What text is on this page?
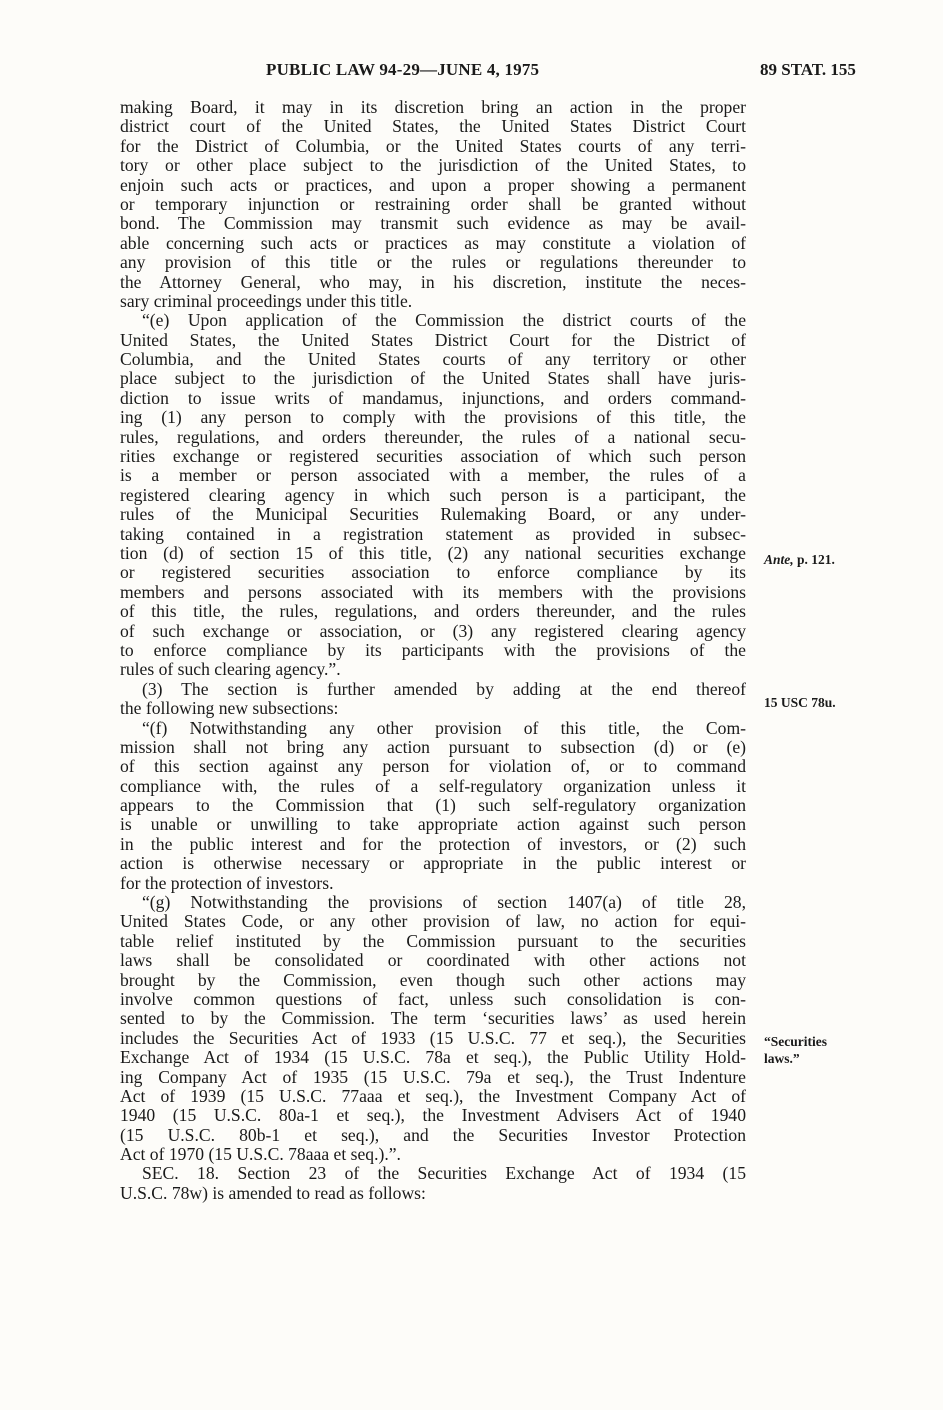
PUBLIC LAW 94-29—JUNE 4, 1975	89 STAT. 155
making Board, it may in its discretion bring an action in the proper
district court of the United States, the United States District Court
for the District of Columbia, or the United States courts of any terri-
tory or other place subject to the jurisdiction of the United States, to
enjoin such acts or practices, and upon a proper showing a permanent
or temporary injunction or restraining order shall be granted without
bond. The Commission may transmit such evidence as may be avail-
able concerning such acts or practices as may constitute a violation of
any provision of this title or the rules or regulations thereunder to
the Attorney General, who may, in his discretion, institute the neces-
sary criminal proceedings under this title.
“(e) Upon application of the Commission the district courts of the
United States, the United States District Court for the District of
Columbia, and the United States courts of any territory or other
place subject to the jurisdiction of the United States shall have juris-
diction to issue writs of mandamus, injunctions, and orders command-
ing (1) any person to comply with the provisions of this title, the
rules, regulations, and orders thereunder, the rules of a national secu-
rities exchange or registered securities association of which such person
is a member or person associated with a member, the rules of a
registered clearing agency in which such person is a participant, the
rules of the Municipal Securities Rulemaking Board, or any under-
taking contained in a registration statement as provided in subsec-
tion (d) of section 15 of this title, (2) any national securities exchange
or registered securities association to enforce compliance by its
members and persons associated with its members with the provisions
of this title, the rules, regulations, and orders thereunder, and the rules
of such exchange or association, or (3) any registered clearing agency
to enforce compliance by its participants with the provisions of the
rules of such clearing agency.”.
(3) The section is further amended by adding at the end thereof
the following new subsections:
“(f) Notwithstanding any other provision of this title, the Com-
mission shall not bring any action pursuant to subsection (d) or (e)
of this section against any person for violation of, or to command
compliance with, the rules of a self-regulatory organization unless it
appears to the Commission that (1) such self-regulatory organization
is unable or unwilling to take appropriate action against such person
in the public interest and for the protection of investors, or (2) such
action is otherwise necessary or appropriate in the public interest or
for the protection of investors.
“(g) Notwithstanding the provisions of section 1407(a) of title 28,
United States Code, or any other provision of law, no action for equi-
table relief instituted by the Commission pursuant to the securities
laws shall be consolidated or coordinated with other actions not
brought by the Commission, even though such other actions may
involve common questions of fact, unless such consolidation is con-
sented to by the Commission. The term ‘securities laws’ as used herein
includes the Securities Act of 1933 (15 U.S.C. 77 et seq.), the Securities
Exchange Act of 1934 (15 U.S.C. 78a et seq.), the Public Utility Hold-
ing Company Act of 1935 (15 U.S.C. 79a et seq.), the Trust Indenture
Act of 1939 (15 U.S.C. 77aaa et seq.), the Investment Company Act of
1940 (15 U.S.C. 80a-1 et seq.), the Investment Advisers Act of 1940
(15 U.S.C. 80b-1 et seq.), and the Securities Investor Protection
Act of 1970 (15 U.S.C. 78aaa et seq.).”.
SEC. 18. Section 23 of the Securities Exchange Act of 1934 (15
U.S.C. 78w) is amended to read as follows:
Ante, p. 121.
15 USC 78u.
“Securities
laws.”
